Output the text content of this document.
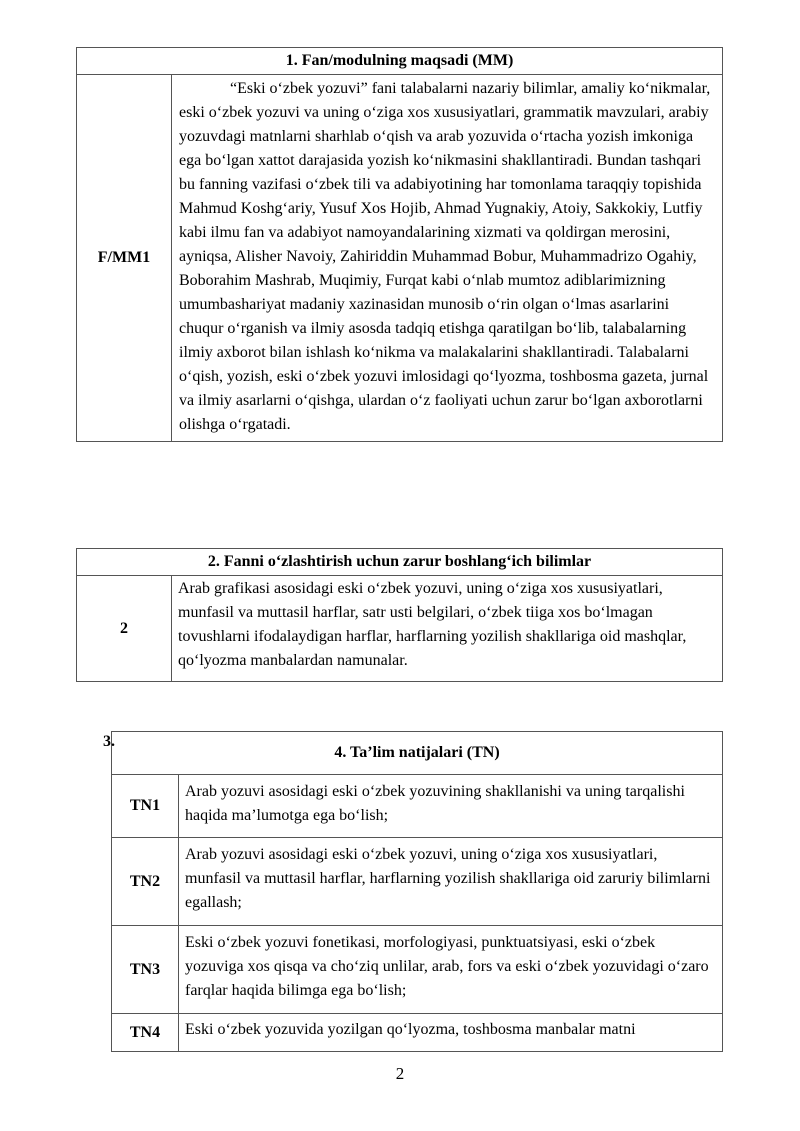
1. Fan/modulning maqsadi (MM)
F/MM1	“Eski o‘zbek yozuvi” fani talabalarni nazariy bilimlar, amaliy ko‘nikmalar, eski o‘zbek yozuvi va uning o‘ziga xos xususiyatlari, grammatik mavzulari, arabiy yozuvdagi matnlarni sharhlab o‘qish va arab yozuvida o‘rtacha yozish imkoniga ega bo‘lgan xattot darajasida yozish ko‘nikmasini shakllantiradi. Bundan tashqari bu fanning vazifasi o‘zbek tili va adabiyotining har tomonlama taraqqiy topishida Mahmud Koshg‘ariy, Yusuf Xos Hojib, Ahmad Yugnakiy, Atoiy, Sakkokiy, Lutfiy kabi ilmu fan va adabiyot namoyandalarining xizmati va qoldirgan merosini, ayniqsa, Alisher Navoiy, Zahiriddin Muhammad Bobur, Muhammadrizo Ogahiy, Boborahim Mashrab, Muqimiy, Furqat kabi o‘nlab mumtoz adiblarimizning umumbashariyat madaniy xazinasidan munosib o‘rin olgan o‘lmas asarlarini chuqur o‘rganish va ilmiy asosda tadqiq etishga qaratilgan bo‘lib, talabalarning ilmiy axborot bilan ishlash ko‘nikma va malakalarini shakllantiradi. Talabalarni o‘qish, yozish, eski o‘zbek yozuvi imlosidagi qo‘lyozma, toshbosma gazeta, jurnal va ilmiy asarlarni o‘qishga, ulardan o‘z faoliyati uchun zarur bo‘lgan axborotlarni olishga o‘rgatadi.
2. Fanni o‘zlashtirish uchun zarur boshlang‘ich bilimlar
2	Arab grafikasi asosidagi eski o‘zbek yozuvi, uning o‘ziga xos xususiyatlari, munfasil va muttasil harflar, satr usti belgilari, o‘zbek tiiga xos bo‘lmagan tovushlarni ifodalaydigan harflar, harflarning yozilish shakllariga oid mashqlar, qo‘lyozma manbalardan namunalar.
4. Ta’lim natijalari (TN)	
TN1	Arab yozuvi asosidagi eski o‘zbek yozuvining shakllanishi va uning tarqalishi haqida ma’lumotga ega bo‘lish;
TN2	Arab yozuvi asosidagi eski o‘zbek yozuvi, uning o‘ziga xos xususiyatlari, munfasil va muttasil harflar, harflarning yozilish shakllariga oid zaruriy bilimlarni egallash;
TN3	Eski o‘zbek yozuvi fonetikasi, morfologiyasi, punktuatsiyasi, eski o‘zbek yozuviga xos qisqa va cho‘ziq unlilar, arab, fors va eski o‘zbek yozuvidagi o‘zaro farqlar haqida bilimga ega bo‘lish;
TN4	Eski o‘zbek yozuvida yozilgan qo‘lyozma, toshbosma manbalar matni
3.
2
